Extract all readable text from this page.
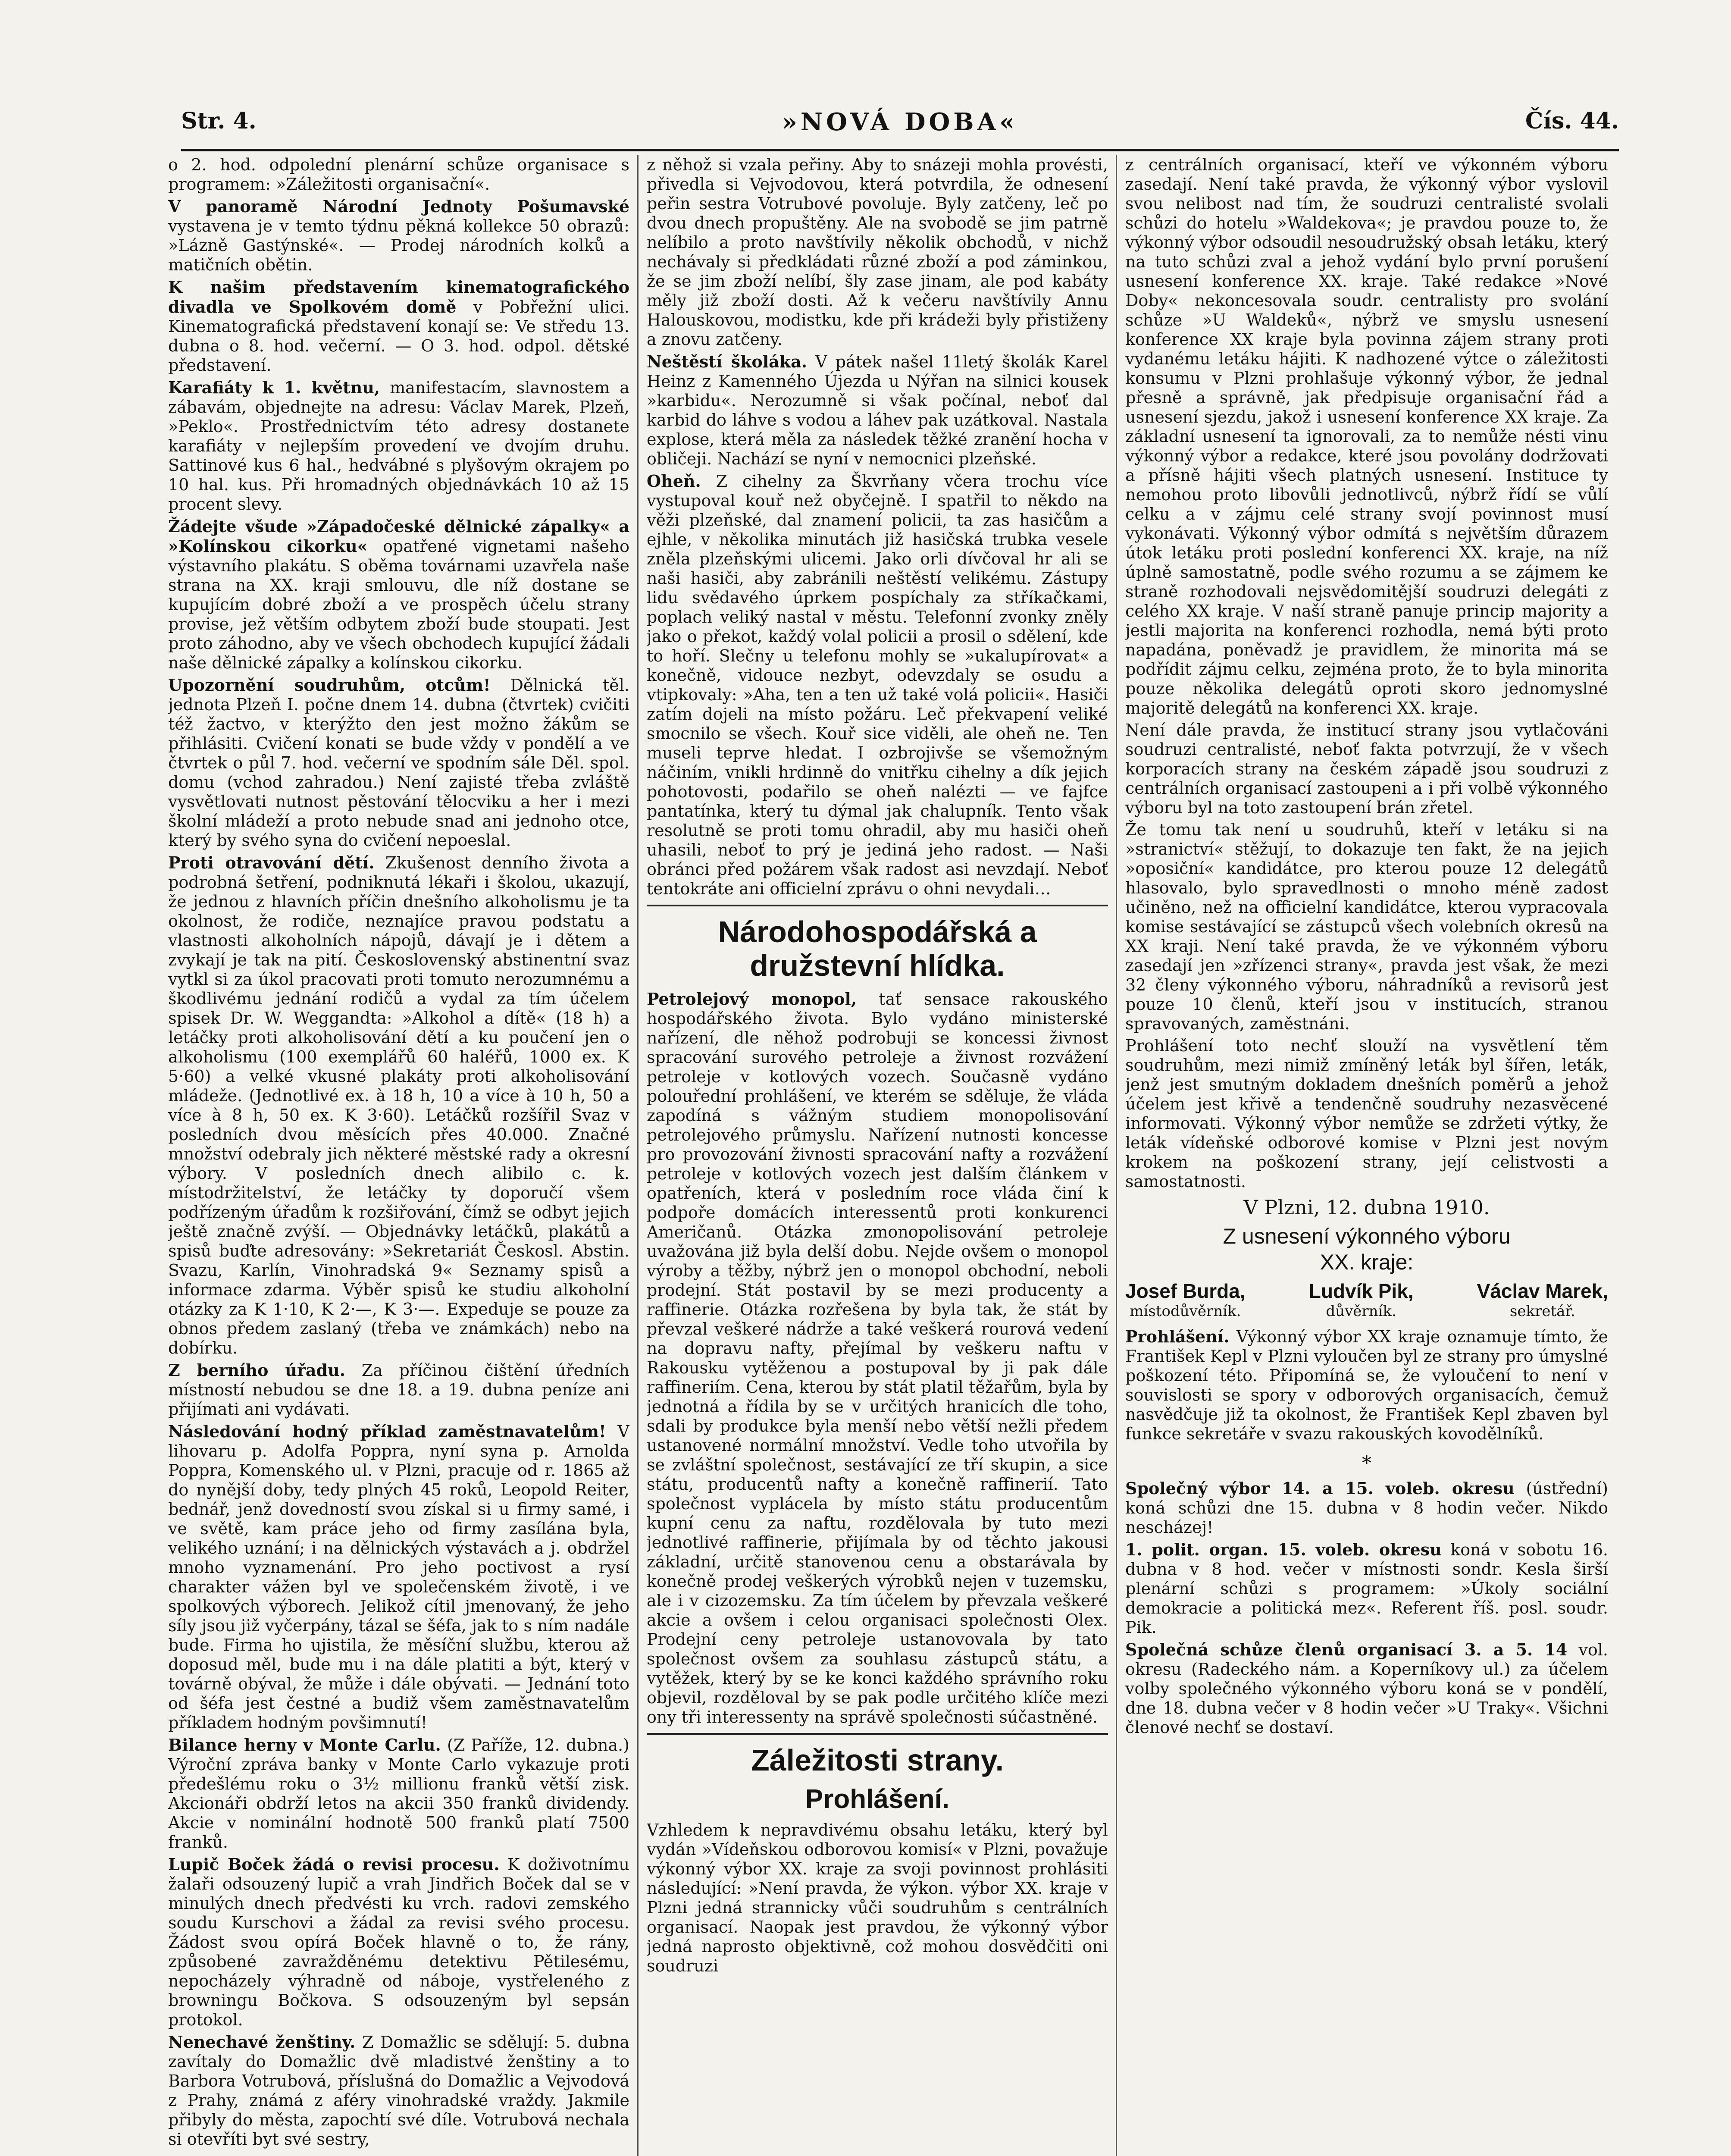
Str. 4.	»NOVÁ DOBA«	Čís. 44.

o 2. hod. odpolední plenární schůze organisace s programem: »Záležitosti organisační«.

V panoramě Národní Jednoty Pošumavské vystavena je v temto týdnu pěkná kollekce 50 obrazů: »Lázně Gastýnské«. — Prodej národních kolků a matičních obětin.

K našim představením kinematografického divadla ve Spolkovém domě v Pobřežní ulici. Kinematografická představení konají se: Ve středu 13. dubna o 8. hod. večerní. — O 3. hod. odpol. dětské představení.

Karafiáty k 1. květnu, manifestacím, slavnostem a zábavám, objednejte na adresu: Václav Marek, Plzeň, »Peklo«. Prostřednictvím této adresy dostanete karafiáty v nejlepším provedení ve dvojím druhu. Sattinové kus 6 hal., hedvábné s plyšovým okrajem po 10 hal. kus. Při hromadných objednávkách 10 až 15 procent slevy.

Žádejte všude »Západočeské dělnické zápalky« a »Kolínskou cikorku« opatřené vignetami našeho výstavního plakátu. S oběma továrnami uzavřela naše strana na XX. kraji smlouvu, dle níž dostane se kupujícím dobré zboží a ve prospěch účelu strany provise, jež větším odbytem zboží bude stoupati. Jest proto záhodno, aby ve všech obchodech kupující žádali naše dělnické zápalky a kolínskou cikorku.

Upozornění soudruhům, otcům! Dělnická těl. jednota Plzeň I. počne dnem 14. dubna (čtvrtek) cvičiti též žactvo, v kterýžto den jest možno žákům se přihlásiti. Cvičení konati se bude vždy v pondělí a ve čtvrtek o půl 7. hod. večerní ve spodním sále Děl. spol. domu (vchod zahradou.) Není zajisté třeba zvláště vysvětlovati nutnost pěstování tělocviku a her i mezi školní mládeží a proto nebude snad ani jednoho otce, který by svého syna do cvičení nepoeslal.

Proti otravování dětí. Zkušenost denního života a podrobná šetření, podniknutá lékaři i školou, ukazují, že jednou z hlavních příčin dnešního alkoholismu je ta okolnost, že rodiče, neznajíce pravou podstatu a vlastnosti alkoholních nápojů, dávají je i dětem a zvykají je tak na pití. Československý abstinentní svaz vytkl si za úkol pracovati proti tomuto nerozumnému a škodlivému jednání rodičů a vydal za tím účelem spisek Dr. W. Weggandta: »Alkohol a dítě« (18 h) a letáčky proti alkoholisování dětí a ku poučení jen o alkoholismu (100 exemplářů 60 haléřů, 1000 ex. K 5·60) a velké vkusné plakáty proti alkoholisování mládeže. (Jednotlivé ex. à 18 h, 10 a více à 10 h, 50 a více à 8 h, 50 ex. K 3·60). Letáčků rozšířil Svaz v posledních dvou měsících přes 40.000. Značné množství odebraly jich některé městské rady a okresní výbory. V posledních dnech alibilo c. k. místodržitelství, že letáčky ty doporučí všem podřízeným úřadům k rozšiřování, čímž se odbyt jejich ještě značně zvýší. — Objednávky letáčků, plakátů a spisů buďte adresovány: »Sekretariát Českosl. Abstin. Svazu, Karlín, Vinohradská 9« Seznamy spisů a informace zdarma. Výběr spisů ke studiu alkoholní otázky za K 1·10, K 2·—, K 3·—. Expeduje se pouze za obnos předem zaslaný (třeba ve známkách) nebo na dobírku.

Z berního úřadu. Za příčinou čištění úředních místností nebudou se dne 18. a 19. dubna peníze ani přijímati ani vydávati.

Následování hodný příklad zaměstnavatelům! V lihovaru p. Adolfa Poppra, nyní syna p. Arnolda Poppra, Komenského ul. v Plzni, pracuje od r. 1865 až do nynější doby, tedy plných 45 roků, Leopold Reiter, bednář, jenž dovedností svou získal si u firmy samé, i ve světě, kam práce jeho od firmy zasílána byla, velikého uznání; i na dělnických výstavách a j. obdržel mnoho vyznamenání. Pro jeho poctivost a rysí charakter vážen byl ve společenském životě, i ve spolkových výborech. Jelikož cítil jmenovaný, že jeho síly jsou již vyčerpány, tázal se šéfa, jak to s ním nadále bude. Firma ho ujistila, že měsíční službu, kterou až doposud měl, bude mu i na dále platiti a být, který v továrně obýval, že může i dále obývati. — Jednání toto od šéfa jest čestné a budiž všem zaměstnavatelům příkladem hodným povšimnutí!

Bilance herny v Monte Carlu. (Z Paříže, 12. dubna.) Výroční zpráva banky v Monte Carlo vykazuje proti předešlému roku o 3½ millionu franků větší zisk. Akcionáři obdrží letos na akcii 350 franků dividendy. Akcie v nominální hodnotě 500 franků platí 7500 franků.

Lupič Boček žádá o revisi procesu. K doživotnímu žalaři odsouzený lupič a vrah Jindřich Boček dal se v minulých dnech předvésti ku vrch. radovi zemského soudu Kurschovi a žádal za revisi svého procesu. Žádost svou opírá Boček hlavně o to, že rány, způsobené zavražděnému detektivu Pětilesému, nepocházely výhradně od náboje, vystřeleného z browningu Bočkova. S odsouzeným byl sepsán protokol.

Nenechavé ženštiny. Z Domažlic se sdělují: 5. dubna zavítaly do Domažlic dvě mladistvé ženštiny a to Barbora Votrubová, příslušná do Domažlic a Vejvodová z Prahy, známá z aféry vinohradské vraždy. Jakmile přibyly do města, zapochtí své díle. Votrubová nechala si otevříti byt své sestry,

z něhož si vzala peřiny. Aby to snázeji mohla provésti, přivedla si Vejvodovou, která potvrdila, že odnesení peřin sestra Votrubové povoluje. Byly zatčeny, leč po dvou dnech propuštěny. Ale na svobodě se jim patrně nelíbilo a proto navštívily několik obchodů, v nichž nechávaly si předkládati různé zboží a pod záminkou, že se jim zboží nelíbí, šly zase jinam, ale pod kabáty měly již zboží dosti. Až k večeru navštívily Annu Halouskovou, modistku, kde při krádeži byly přistiženy a znovu zatčeny.

Neštěstí školáka. V pátek našel 11letý školák Karel Heinz z Kamenného Újezda u Nýřan na silnici kousek »karbidu«. Nerozumně si však počínal, neboť dal karbid do láhve s vodou a láhev pak uzátkoval. Nastala explose, která měla za následek těžké zranění hocha v obličeji. Nachází se nyní v nemocnici plzeňské.

Oheň. Z cihelny za Škvrňany včera trochu více vystupoval kouř než obyčejně. I spatřil to někdo na věži plzeňské, dal znamení policii, ta zas hasičům a ejhle, v několika minutách již hasičská trubka vesele zněla plzeňskými ulicemi. Jako orli dívčoval hr ali se naši hasiči, aby zabránili neštěstí velikému. Zástupy lidu svědavého úprkem pospíchaly za stříkačkami, poplach veliký nastal v městu. Telefonní zvonky zněly jako o překot, každý volal policii a prosil o sdělení, kde to hoří. Slečny u telefonu mohly se »ukalupírovat« a konečně, vidouce nezbyt, odevzdaly se osudu a vtipkovaly: »Aha, ten a ten už také volá policii«. Hasiči zatím dojeli na místo požáru. Leč překvapení veliké smocnilo se všech. Kouř sice viděli, ale oheň ne. Ten museli teprve hledat. I ozbrojivše se všemožným náčiním, vnikli hrdinně do vnitřku cihelny a dík jejich pohotovosti, podařilo se oheň nalézti — ve fajfce pantatínka, který tu dýmal jak chalupník. Tento však resolutně se proti tomu ohradil, aby mu hasiči oheň uhasili, neboť to prý je jediná jeho radost. — Naši obránci před požárem však radost asi nevzdají. Neboť tentokráte ani officielní zprávu o ohni nevydali…

Národohospodářská a družstevní hlídka.

Petrolejový monopol, tať sensace rakouského hospodářského života. Bylo vydáno ministerské nařízení, dle něhož podrobuji se koncessi živnost spracování surového petroleje a živnost rozvážení petroleje v kotlových vozech. Současně vydáno polouřední prohlášení, ve kterém se sděluje, že vláda zapodíná s vážným studiem monopolisování petrolejového průmyslu. Nařízení nutnosti koncesse pro provozování živnosti spracování nafty a rozvážení petroleje v kotlových vozech jest dalším článkem v opatřeních, která v posledním roce vláda činí k podpoře domácích interessentů proti konkurenci Američanů. Otázka zmonopolisování petroleje uvažována již byla delší dobu. Nejde ovšem o monopol výroby a těžby, nýbrž jen o monopol obchodní, neboli prodejní. Stát postavil by se mezi producenty a raffinerie. Otázka rozřešena by byla tak, že stát by převzal veškeré nádrže a také veškerá rourová vedení na dopravu nafty, přejímal by veškeru naftu v Rakousku vytěženou a postupoval by ji pak dále raffineriím. Cena, kterou by stát platil těžařům, byla by jednotná a řídila by se v určitých hranicích dle toho, sdali by produkce byla menší nebo větší nežli předem ustanovené normální množství. Vedle toho utvořila by se zvláštní společnost, sestávající ze tří skupin, a sice státu, producentů nafty a konečně raffinerií. Tato společnost vyplácela by místo státu producentům kupní cenu za naftu, rozdělovala by tuto mezi jednotlivé raffinerie, přijímala by od těchto jakousi základní, určitě stanovenou cenu a obstarávala by konečně prodej veškerých výrobků nejen v tuzemsku, ale i v cizozemsku. Za tím účelem by převzala veškeré akcie a ovšem i celou organisaci společnosti Olex. Prodejní ceny petroleje ustanovovala by tato společnost ovšem za souhlasu zástupců státu, a vytěžek, který by se ke konci každého správního roku objevil, rozděloval by se pak podle určitého klíče mezi ony tři interessenty na správě společnosti súčastněné.

Záležitosti strany.
Prohlášení.

Vzhledem k nepravdivému obsahu letáku, který byl vydán »Vídeňskou odborovou komisí« v Plzni, považuje výkonný výbor XX. kraje za svoji povinnost prohlásiti následující: »Není pravda, že výkon. výbor XX. kraje v Plzni jedná strannicky vůči soudruhům s centrálních organisací. Naopak jest pravdou, že výkonný výbor jedná naprosto objektivně, což mohou dosvědčiti oni soudruzi

z centrálních organisací, kteří ve výkonném výboru zasedají. Není také pravda, že výkonný výbor vyslovil svou nelibost nad tím, že soudruzi centralisté svolali schůzi do hotelu »Waldekova«; je pravdou pouze to, že výkonný výbor odsoudil nesoudružský obsah letáku, který na tuto schůzi zval a jehož vydání bylo první porušení usnesení konference XX. kraje. Také redakce »Nové Doby« nekoncesovala soudr. centralisty pro svolání schůze »U Waldeků«, nýbrž ve smyslu usnesení konference XX kraje byla povinna zájem strany proti vydanému letáku hájiti. K nadhozené výtce o záležitosti konsumu v Plzni prohlašuje výkonný výbor, že jednal přesně a správně, jak předpisuje organisační řád a usnesení sjezdu, jakož i usnesení konference XX kraje. Za základní usnesení ta ignorovali, za to nemůže nésti vinu výkonný výbor a redakce, které jsou povolány dodržovati a přísně hájiti všech platných usnesení. Instituce ty nemohou proto libovůli jednotlivců, nýbrž řídí se vůlí celku a v zájmu celé strany svojí povinnost musí vykonávati. Výkonný výbor odmítá s největším důrazem útok letáku proti poslední konferenci XX. kraje, na níž úplně samostatně, podle svého rozumu a se zájmem ke straně rozhodovali nejsvědomitější soudruzi delegáti z celého XX kraje. V naší straně panuje princip majority a jestli majorita na konferenci rozhodla, nemá býti proto napadána, poněvadž je pravidlem, že minorita má se podřídit zájmu celku, zejména proto, že to byla minorita pouze několika delegátů oproti skoro jednomyslné majoritě delegátů na konferenci XX. kraje.

Není dále pravda, že institucí strany jsou vytlačováni soudruzi centralisté, neboť fakta potvrzují, že v všech korporacích strany na českém západě jsou soudruzi z centrálních organisací zastoupeni a i při volbě výkonného výboru byl na toto zastoupení brán zřetel.

Že tomu tak není u soudruhů, kteří v letáku si na »stranictví« stěžují, to dokazuje ten fakt, že na jejich »oposiční« kandidátce, pro kterou pouze 12 delegátů hlasovalo, bylo spravedlnosti o mnoho méně zadost učiněno, než na officielní kandidátce, kterou vypracovala komise sestávající se zástupců všech volebních okresů na XX kraji. Není také pravda, že ve výkonném výboru zasedají jen »zřízenci strany«, pravda jest však, že mezi 32 členy výkonného výboru, náhradníků a revisorů jest pouze 10 členů, kteří jsou v institucích, stranou spravovaných, zaměstnáni.

Prohlášení toto nechť slouží na vysvětlení těm soudruhům, mezi nimiž zmíněný leták byl šířen, leták, jenž jest smutným dokladem dnešních poměrů a jehož účelem jest křivě a tendenčně soudruhy nezasvěcené informovati. Výkonný výbor nemůže se zdržeti výtky, že leták vídeňské odborové komise v Plzni jest novým krokem na poškození strany, její celistvosti a samostatnosti.

V Plzni, 12. dubna 1910.
Z usnesení výkonného výboru
XX. kraje:
Josef Burda,
místodůvěrník.
Ludvík Pik,
důvěrník.
Václav Marek,
sekretář.

Prohlášení. Výkonný výbor XX kraje oznamuje tímto, že František Kepl v Plzni vyloučen byl ze strany pro úmyslné poškození této. Připomíná se, že vyloučení to není v souvislosti se spory v odborových organisacích, čemuž nasvědčuje již ta okolnost, že František Kepl zbaven byl funkce sekretáře v svazu rakouských kovodělníků.

*

Společný výbor 14. a 15. voleb. okresu (ústřední) koná schůzi dne 15. dubna v 8 hodin večer. Nikdo nescházej!

1. polit. organ. 15. voleb. okresu koná v sobotu 16. dubna v 8 hod. večer v místnosti sondr. Kesla širší plenární schůzi s programem: »Úkoly sociální demokracie a politická mez«. Referent říš. posl. soudr. Pik.

Společná schůze členů organisací 3. a 5. 14 vol. okresu (Radeckého nám. a Koperníkovy ul.) za účelem volby společného výkonného výboru koná se v pondělí, dne 18. dubna večer v 8 hodin večer »U Traky«. Všichni členové nechť se dostaví.
